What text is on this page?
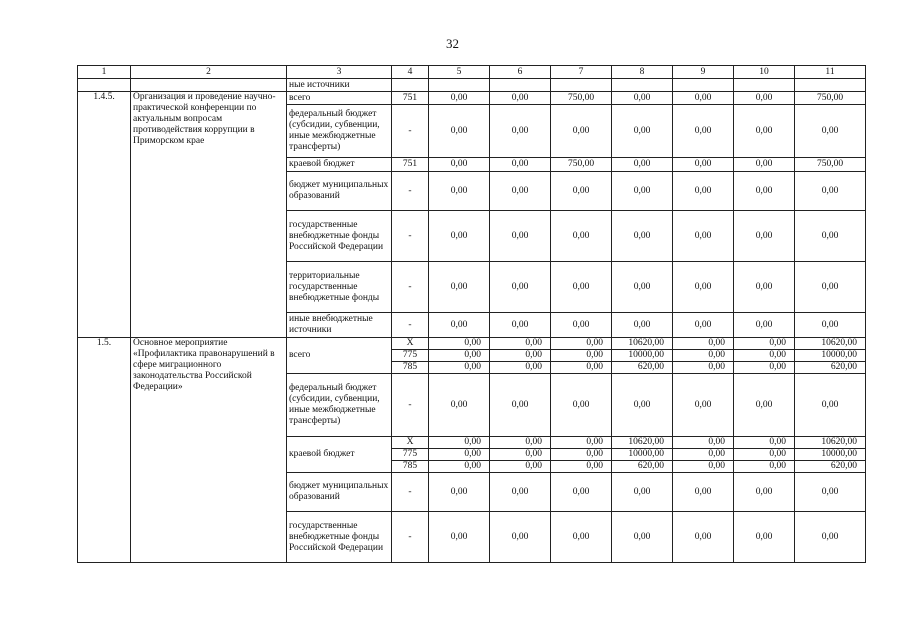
32
1	2	3	4	5	6	7	8	9	10	11
		ные источники								
1.4.5.	Организация и проведение научно-практической конференции по актуальным вопросам противодействия коррупции в Приморском крае	всего	751	0,00	0,00	750,00	0,00	0,00	0,00	750,00
		федеральный бюджет (субсидии, субвенции, иные межбюджетные трансферты)	-	0,00	0,00	0,00	0,00	0,00	0,00	0,00
		краевой бюджет	751	0,00	0,00	750,00	0,00	0,00	0,00	750,00
		бюджет муниципальных образований	-	0,00	0,00	0,00	0,00	0,00	0,00	0,00
		государственные внебюджетные фонды Российской Федерации	-	0,00	0,00	0,00	0,00	0,00	0,00	0,00
		территориальные государственные внебюджетные фонды	-	0,00	0,00	0,00	0,00	0,00	0,00	0,00
		иные внебюджетные источники	-	0,00	0,00	0,00	0,00	0,00	0,00	0,00
1.5.	Основное мероприятие «Профилактика правонарушений в сфере миграционного законодательства Российской Федерации»	всего	X	0,00	0,00	0,00	10620,00	0,00	0,00	10620,00
			775	0,00	0,00	0,00	10000,00	0,00	0,00	10000,00
			785	0,00	0,00	0,00	620,00	0,00	0,00	620,00
		федеральный бюджет (субсидии, субвенции, иные межбюджетные трансферты)	-	0,00	0,00	0,00	0,00	0,00	0,00	0,00
		краевой бюджет	X	0,00	0,00	0,00	10620,00	0,00	0,00	10620,00
			775	0,00	0,00	0,00	10000,00	0,00	0,00	10000,00
			785	0,00	0,00	0,00	620,00	0,00	0,00	620,00
		бюджет муниципальных образований	-	0,00	0,00	0,00	0,00	0,00	0,00	0,00
		государственные внебюджетные фонды Российской Федерации	-	0,00	0,00	0,00	0,00	0,00	0,00	0,00
